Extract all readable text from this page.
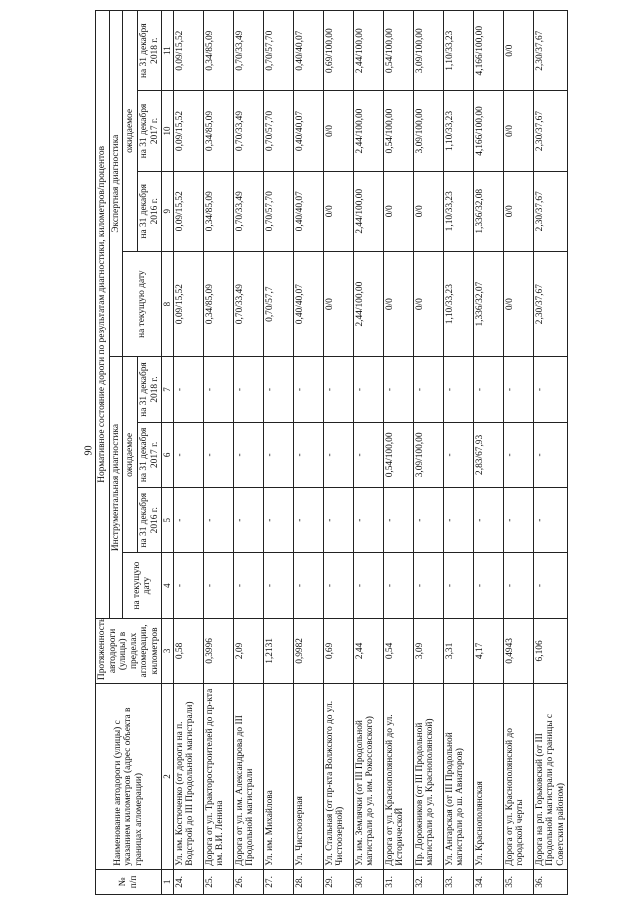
90
№ п/п	Наименование автодороги (улицы) с указанием километров (адрес объекта в границах агломерации)	Протяженность автодороги (улицы) в пределах агломерации, километров	Нормативное состояние дороги по результатам диагностики, километров/процентов							
			Инструментальная диагностика				Экспертная диагностика			
			на текущую дату	ожидаемое			на текущую дату	ожидаемое		
				на 31 декабря 2016 г.	на 31 декабря 2017 г.	на 31 декабря 2018 г.		на 31 декабря 2016 г.	на 31 декабря 2017 г.	на 31 декабря 2018 г.
1	2	3	4	5	6	7	8	9	10	11
24.	Ул. им. Костюченко (от дороги на п. Водстрой до III Продольной магистрали)	0,58	-	-	-	-	0,09/15,52	0,09/15,52	0,09/15,52	0,09/15,52
25.	Дорога от ул. Тракторостроителей до пр-кта им. В.И. Ленина	0,3996	-	-	-	-	0,34/85,09	0,34/85,09	0,34/85,09	0,34/85,09
26.	Дорога от ул. им. Александрова до III Продольной магистрали	2,09	-	-	-	-	0,70/33,49	0,70/33,49	0,70/33,49	0,70/33,49
27.	Ул. им. Михайлова	1,2131	-	-	-	-	0,70/57,7	0,70/57,70	0,70/57,70	0,70/57,70
28.	Ул. Чистоозерная	0,9982	-	-	-	-	0,40/40,07	0,40/40,07	0,40/40,07	0,40/40,07
29.	Ул. Стальная (от пр-кта Волжского до ул. Чистоозерной)	0,69	-	-	-	-	0/0	0/0	0/0	0,69/100,00
30.	Ул. им. Землячки (от III Продольной магистрали до ул. им. Рокоссовского)	2,44	-	-	-	-	2,44/100,00	2,44/100,00	2,44/100,00	2,44/100,00
31.	Дорога от ул. Краснополянской до ул. ИсторическоЙ	0,54	-	-	0,54/100,00	-	0/0	0/0	0,54/100,00	0,54/100,00
32.	Пр. Дорожников (от III Продольной магистрали до ул. Краснополянской)	3,09	-	-	3,09/100,00	-	0/0	0/0	3,09/100,00	3,09/100,00
33.	Ул. Ангарская (от III Продольной магистрали до ш. Авиаторов)	3,31	-	-	-	-	1,10/33,23	1,10/33,23	1,10/33,23	1,10/33,23
34.	Ул. Краснополянская	4,17	-	-	2,83/67,93	-	1,336/32,07	1,336/32,08	4,166/100,00	4,166/100,00
35.	Дорога от ул. Краснополянской до городской черты	0,4943	-	-	-	-	0/0	0/0	0/0	0/0
36.	Дорога на рп. Горьковский (от III Продольной магистрали до границы с Советским районом)	6,106	-	-	-	-	2,30/37,67	2,30/37,67	2,30/37,67	2,30/37,67
